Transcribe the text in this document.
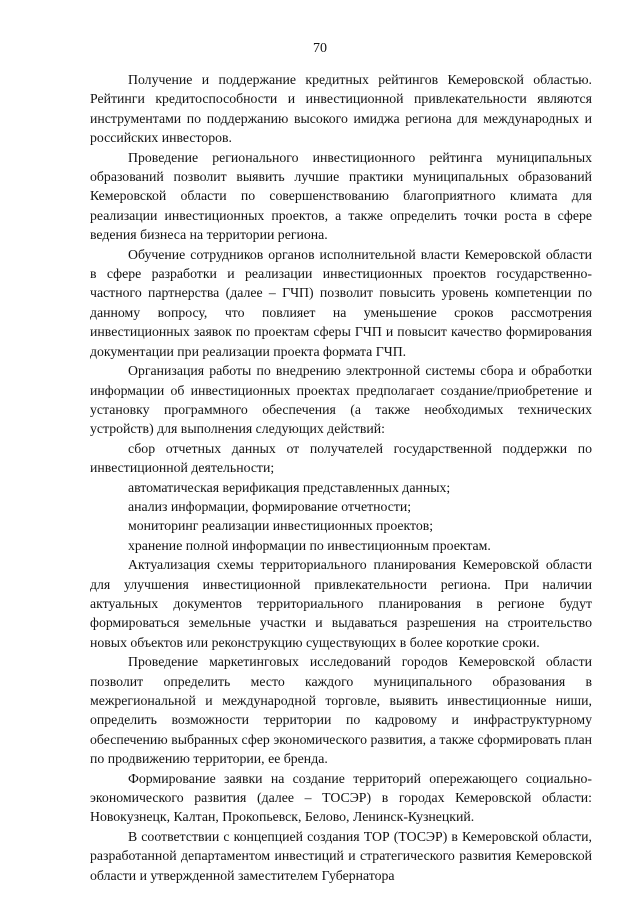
70

Получение и поддержание кредитных рейтингов Кемеровской областью. Рейтинги кредитоспособности и инвестиционной привлекательности являются инструментами по поддержанию высокого имиджа региона для международных и российских инвесторов.

Проведение регионального инвестиционного рейтинга муниципальных образований позволит выявить лучшие практики муниципальных образований Кемеровской области по совершенствованию благоприятного климата для реализации инвестиционных проектов, а также определить точки роста в сфере ведения бизнеса на территории региона.

Обучение сотрудников органов исполнительной власти Кемеровской области в сфере разработки и реализации инвестиционных проектов государственно-частного партнерства (далее – ГЧП) позволит повысить уровень компетенции по данному вопросу, что повлияет на уменьшение сроков рассмотрения инвестиционных заявок по проектам сферы ГЧП и повысит качество формирования документации при реализации проекта формата ГЧП.

Организация работы по внедрению электронной системы сбора и обработки информации об инвестиционных проектах предполагает создание/приобретение и установку программного обеспечения (а также необходимых технических устройств) для выполнения следующих действий:

сбор отчетных данных от получателей государственной поддержки по инвестиционной деятельности;

автоматическая верификация представленных данных;

анализ информации, формирование отчетности;

мониторинг реализации инвестиционных проектов;

хранение полной информации по инвестиционным проектам.

Актуализация схемы территориального планирования Кемеровской области для улучшения инвестиционной привлекательности региона. При наличии актуальных документов территориального планирования в регионе будут формироваться земельные участки и выдаваться разрешения на строительство новых объектов или реконструкцию существующих в более короткие сроки.

Проведение маркетинговых исследований городов Кемеровской области позволит определить место каждого муниципального образования в межрегиональной и международной торговле, выявить инвестиционные ниши, определить возможности территории по кадровому и инфраструктурному обеспечению выбранных сфер экономического развития, а также сформировать план по продвижению территории, ее бренда.

Формирование заявки на создание территорий опережающего социально-экономического развития (далее – ТОСЭР) в городах Кемеровской области: Новокузнецк, Калтан, Прокопьевск, Белово, Ленинск-Кузнецкий.

В соответствии с концепцией создания ТОР (ТОСЭР) в Кемеровской области, разработанной департаментом инвестиций и стратегического развития Кемеровской области и утвержденной заместителем Губернатора
